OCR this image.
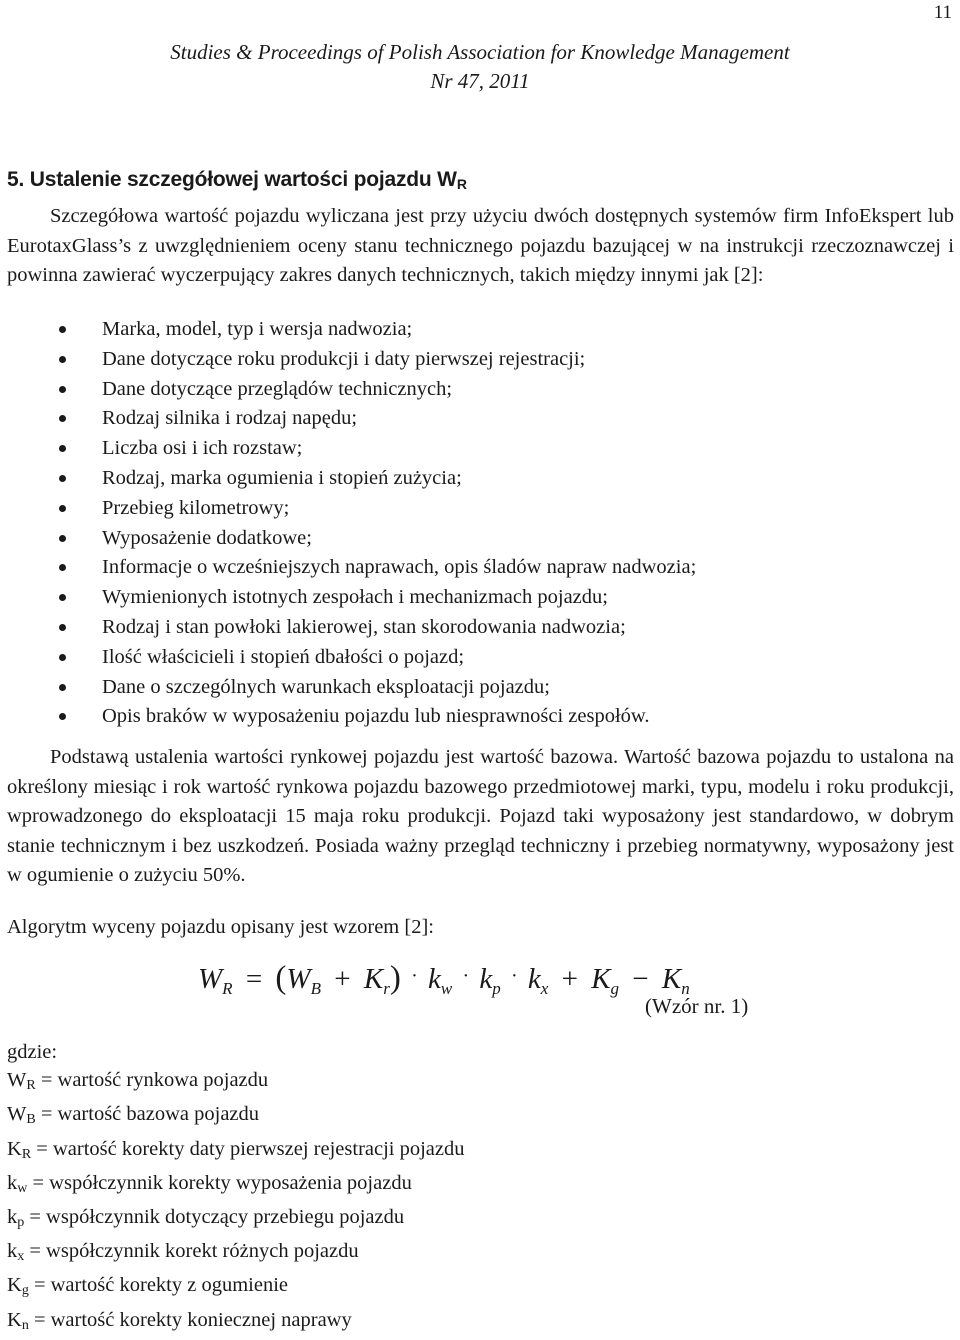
11
Studies & Proceedings of Polish Association for Knowledge Management
Nr 47, 2011
5. Ustalenie szczegółowej wartości pojazdu $W_R$
Szczegółowa wartość pojazdu wyliczana jest przy użyciu dwóch dostępnych systemów firm InfoEkspert lub EurotaxGlass’s z uwzględnieniem oceny stanu technicznego pojazdu bazującej w na instrukcji rzeczoznawczej i powinna zawierać wyczerpujący zakres danych technicznych, takich między innymi jak [2]:
Marka, model, typ i wersja nadwozia;
Dane dotyczące roku produkcji i daty pierwszej rejestracji;
Dane dotyczące przeglądów technicznych;
Rodzaj silnika i rodzaj napędu;
Liczba osi i ich rozstaw;
Rodzaj, marka ogumienia i stopień zużycia;
Przebieg kilometrowy;
Wyposażenie dodatkowe;
Informacje o wcześniejszych naprawach, opis śladów napraw nadwozia;
Wymienionych istotnych zespołach i mechanizmach pojazdu;
Rodzaj i stan powłoki lakierowej, stan skorodowania nadwozia;
Ilość właścicieli i stopień dbałości o pojazd;
Dane o szczególnych warunkach eksploatacji pojazdu;
Opis braków w wyposażeniu pojazdu lub niesprawności zespołów.
Podstawą ustalenia wartości rynkowej pojazdu jest wartość bazowa. Wartość bazowa pojazdu to ustalona na określony miesiąc i rok wartość rynkowa pojazdu bazowego przedmiotowej marki, typu, modelu i roku produkcji, wprowadzonego do eksploatacji 15 maja roku produkcji. Pojazd taki wyposażony jest standardowo, w dobrym stanie technicznym i bez uszkodzeń. Posiada ważny przegląd techniczny i przebieg normatywny, wyposażony jest w ogumienie o zużyciu 50%.
Algorytm wyceny pojazdu opisany jest wzorem [2]:
$W_R = (W_B + K_r)$ · $k_w$ · $k_p$ · $k_x + K_g - K_n$
(Wzór nr. 1)
gdzie:
$W_R$ = wartość rynkowa pojazdu
$W_B$ = wartość bazowa pojazdu
$K_R$ = wartość korekty daty pierwszej rejestracji pojazdu
$k_w$ = współczynnik korekty wyposażenia pojazdu
$k_p$ = współczynnik dotyczący przebiegu pojazdu
$k_x$ = współczynnik korekt różnych pojazdu
$K_g$ = wartość korekty z ogumienie
$K_n$ = wartość korekty koniecznej naprawy
